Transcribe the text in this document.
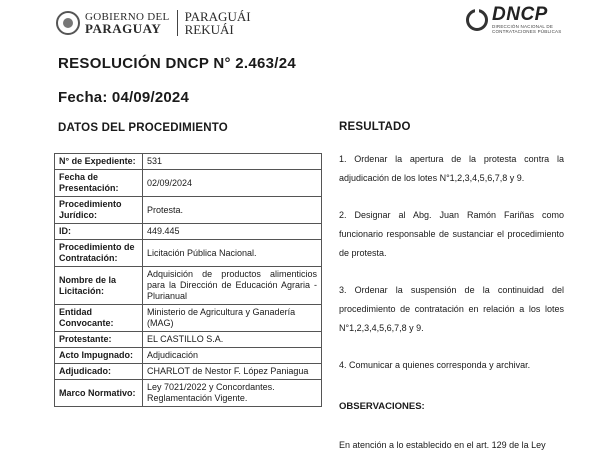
GOBIERNO DEL
PARAGUAY
PARAGUÁI
REKUÁI
DNCP
DIRECCIÓN NACIONAL DE
CONTRATACIONES PÚBLICAS
RESOLUCIÓN DNCP N° 2.463/24
Fecha: 04/09/2024
DATOS DEL PROCEDIMIENTO	RESULTADO
N° de Expediente:	531
Fecha de Presentación:	02/09/2024
Procedimiento Jurídico:	Protesta.
ID:	449.445
Procedimiento de Contratación:	Licitación Pública Nacional.
Nombre de la Licitación:	Adquisición de productos alimenticios para la Dirección de Educación Agraria - Plurianual
Entidad Convocante:	Ministerio de Agricultura y Ganadería (MAG)
Protestante:	EL CASTILLO S.A.
Acto Impugnado:	Adjudicación
Adjudicado:	CHARLOT de Nestor F. López Paniagua
Marco Normativo:	Ley 7021/2022 y Concordantes. Reglamentación Vigente.

1. Ordenar la apertura de la protesta contra la adjudicación de los lotes N°1,2,3,4,5,6,7,8 y 9.

2. Designar al Abg. Juan Ramón Fariñas como funcionario responsable de sustanciar el procedimiento de protesta.

3. Ordenar la suspensión de la continuidad del procedimiento de contratación en relación a los lotes N°1,2,3,4,5,6,7,8 y 9.

4. Comunicar a quienes corresponda y archivar.

OBSERVACIONES:
En atención a lo establecido en el art. 129 de la Ley
